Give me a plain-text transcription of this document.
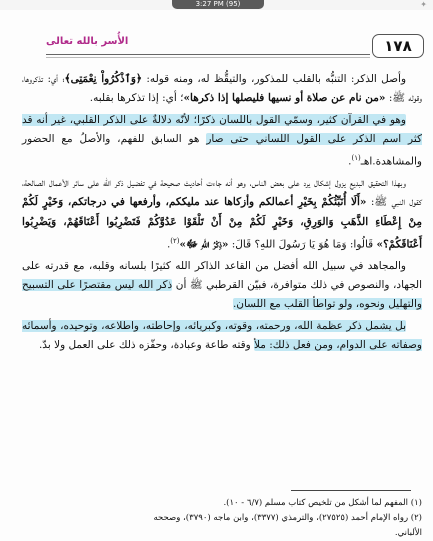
3:27 PM (95)	✦
١٧٨
الأُسر بالله تعالى

وأصل الذكر: التنبُّه بالقلب للمذكور، والتيقُّظ له، ومنه قوله: ﴿وَٱذْكُرُواْ نِعْمَتِى﴾؛ أي: تذكروها، وقوله ﷺ: «من نام عن صلاة أو نسيها فليصلها إذا ذكرها»؛ أي: إذا تذكرها بقلبه.

وهو في القرآن كثير، وسمّي القول باللسان ذكرًا؛ لأنّه دلالةٌ على الذكر القلبي، غير أنه قد كثر اسم الذكر على القول اللساني حتى صار هو السابق للفهم، والأصلُ مع الحضور والمشاهدة.اهـ$^{(١)}$.

وبهذا التحقيق البديع يزول إشكال يرد على بعض الناس، وهو أنه جاءت أحاديث صحيحة في تفضيل ذكر الله على سائر الأعمال الصالحة، كقول النبي ﷺ: «أَلَا أُنَبِّئُكُمْ بِخَيْرِ أعمالكم وأزكاها عند مليككم، وأرفعها في درجاتكم، وَخَيْرٍ لَكُمْ مِنْ إِعْطَاءِ الذَّهَبِ وَالوَرِقِ، وَخَيْرٍ لَكُمْ مِنْ أَنْ تَلْقَوْا عَدُوَّكُمْ فَتَضْرِبُوا أَعْنَاقَهُمْ، وَيَضْرِبُوا أَعْنَاقَكُمْ؟» قَالُوا: وَمَا هُوَ يَا رَسُولَ اللهِ؟ قَالَ: «ذِكْرُ اللهِ ﷻ»$^{(٢)}$.

والمجاهد في سبيل الله أفضل من القاعد الذاكر الله كثيرًا بلسانه وقلبه، مع قدرته على الجهاد، والنصوص في ذلك متوافرة، فبيّن القرطبي ﷺ أن ذكر الله ليس مقتصرًا على التسبيح والتهليل ونحوه، ولو تواطأ القلب مع اللسان.

بل يشمل ذكر عظمة الله، ورحمته، وقوته، وكبريائه، وإحاطته، واطلاعه، وتوحيده، وأسمائه وصفاته على الدوام، ومن فعل ذلك: ملأ وقته طاعة وعبادة، وحفّزه ذلك على العمل ولا بدّ.

(١) المفهم لما أشكل من تلخيص كتاب مسلم (٦/٧ - ١٠).
(٢) رواه الإمام أحمد (٢٧٥٢٥)، والترمذي (٣٣٧٧)، وابن ماجه (٣٧٩٠)، وصححه
الألباني.
